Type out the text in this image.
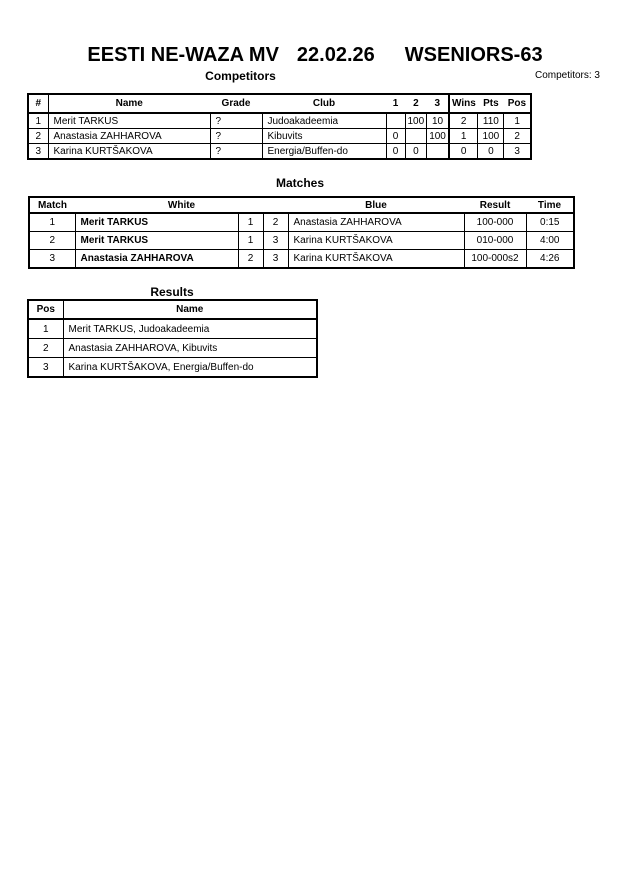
EESTI NE-WAZA MV 22.02.26 WSENIORS-63
Competitors: 3
Competitors
#	Name	Grade	Club	1	2	3	Wins	Pts	Pos
1	Merit TARKUS	?	Judoakadeemia		100	10	2	110	1
2	Anastasia ZAHHAROVA	?	Kibuvits	0		100	1	100	2
3	Karina KURTŠAKOVA	?	Energia/Buffen-do	0	0		0	0	3
Matches
Match	White			Blue	Result	Time
1	Merit TARKUS	1	2	Anastasia ZAHHAROVA	100-000	0:15
2	Merit TARKUS	1	3	Karina KURTŠAKOVA	010-000	4:00
3	Anastasia ZAHHAROVA	2	3	Karina KURTŠAKOVA	100-000s2	4:26
Results
Pos	Name
1	Merit TARKUS, Judoakadeemia
2	Anastasia ZAHHAROVA, Kibuvits
3	Karina KURTŠAKOVA, Energia/Buffen-do
